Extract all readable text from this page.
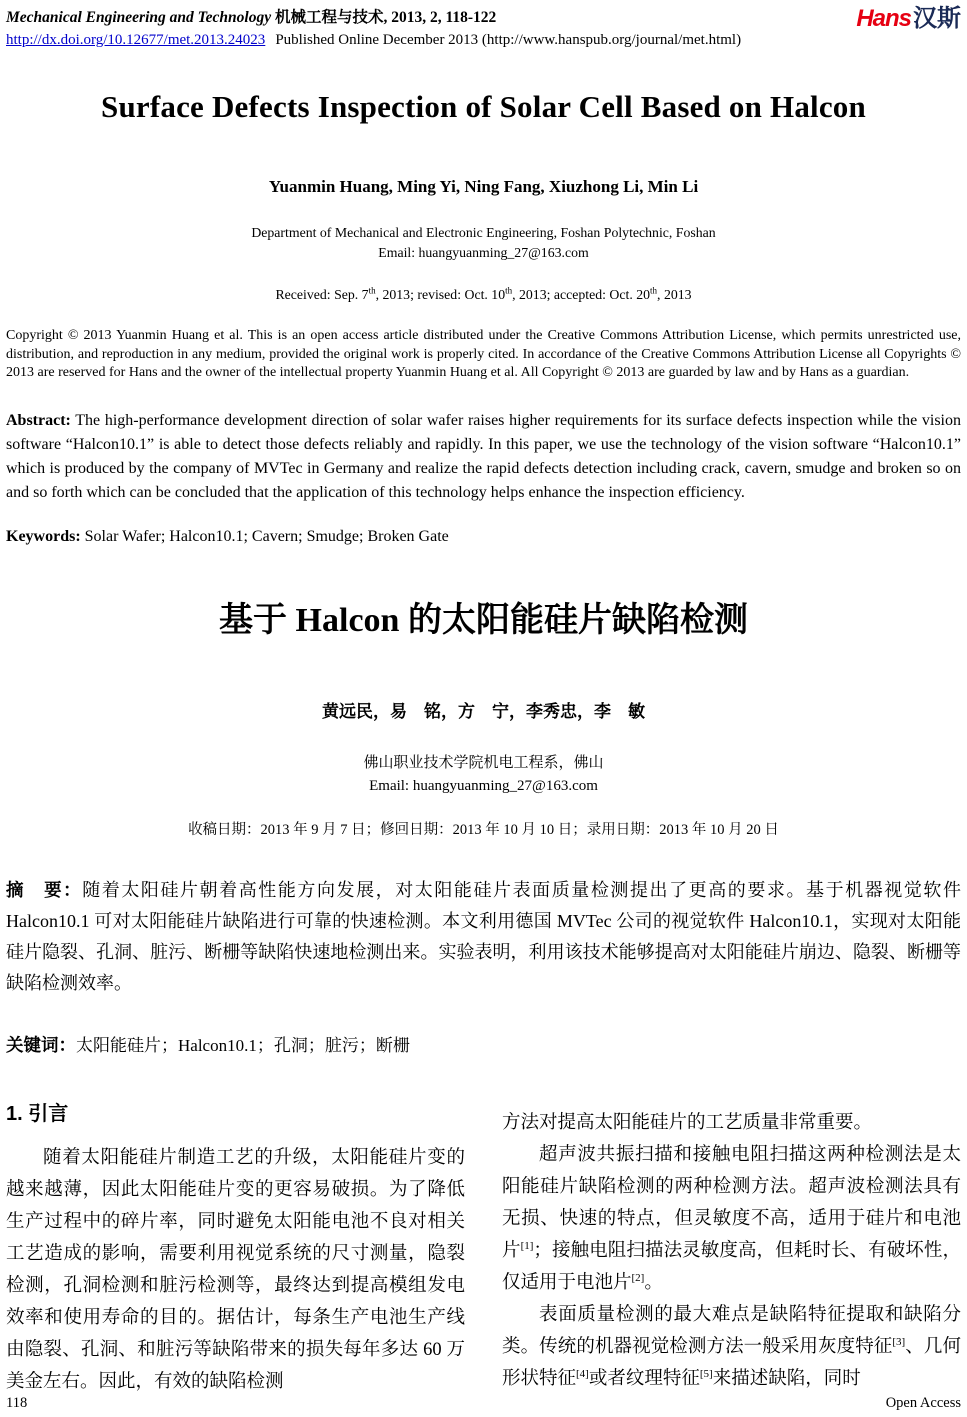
Mechanical Engineering and Technology 机械工程与技术, 2013, 2, 118-122
http://dx.doi.org/10.12677/met.2013.24023 Published Online December 2013 (http://www.hanspub.org/journal/met.html)
Hans汉斯
Surface Defects Inspection of Solar Cell Based on Halcon
Yuanmin Huang, Ming Yi, Ning Fang, Xiuzhong Li, Min Li
Department of Mechanical and Electronic Engineering, Foshan Polytechnic, Foshan
Email: huangyuanming_27@163.com
Received: Sep. 7th, 2013; revised: Oct. 10th, 2013; accepted: Oct. 20th, 2013

Copyright © 2013 Yuanmin Huang et al. This is an open access article distributed under the Creative Commons Attribution License, which permits unrestricted use, distribution, and reproduction in any medium, provided the original work is properly cited. In accordance of the Creative Commons Attribution License all Copyrights © 2013 are reserved for Hans and the owner of the intellectual property Yuanmin Huang et al. All Copyright © 2013 are guarded by law and by Hans as a guardian.

Abstract: The high-performance development direction of solar wafer raises higher requirements for its surface defects inspection while the vision software “Halcon10.1” is able to detect those defects reliably and rapidly. In this paper, we use the technology of the vision software “Halcon10.1” which is produced by the company of MVTec in Germany and realize the rapid defects detection including crack, cavern, smudge and broken so on and so forth which can be concluded that the application of this technology helps enhance the inspection efficiency.

Keywords: Solar Wafer; Halcon10.1; Cavern; Smudge; Broken Gate

基于 Halcon 的太阳能硅片缺陷检测
黄远民，易　铭，方　宁，李秀忠，李　敏
佛山职业技术学院机电工程系，佛山
Email: huangyuanming_27@163.com
收稿日期：2013 年 9 月 7 日；修回日期：2013 年 10 月 10 日；录用日期：2013 年 10 月 20 日

摘　要：随着太阳硅片朝着高性能方向发展，对太阳能硅片表面质量检测提出了更高的要求。基于机器视觉软件 Halcon10.1 可对太阳能硅片缺陷进行可靠的快速检测。本文利用德国 MVTec 公司的视觉软件 Halcon10.1，实现对太阳能硅片隐裂、孔洞、脏污、断栅等缺陷快速地检测出来。实验表明，利用该技术能够提高对太阳能硅片崩边、隐裂、断栅等缺陷检测效率。

关键词：太阳能硅片；Halcon10.1；孔洞；脏污；断栅

1. 引言

随着太阳能硅片制造工艺的升级，太阳能硅片变的越来越薄，因此太阳能硅片变的更容易破损。为了降低生产过程中的碎片率，同时避免太阳能电池不良对相关工艺造成的影响，需要利用视觉系统的尺寸测量，隐裂检测，孔洞检测和脏污检测等，最终达到提高模组发电效率和使用寿命的目的。据估计，每条生产电池生产线由隐裂、孔洞、和脏污等缺陷带来的损失每年多达 60 万美金左右。因此，有效的缺陷检测

方法对提高太阳能硅片的工艺质量非常重要。

超声波共振扫描和接触电阻扫描这两种检测法是太阳能硅片缺陷检测的两种检测方法。超声波检测法具有无损、快速的特点，但灵敏度不高，适用于硅片和电池片[1]；接触电阻扫描法灵敏度高，但耗时长、有破坏性，仅适用于电池片[2]。

表面质量检测的最大难点是缺陷特征提取和缺陷分类。传统的机器视觉检测方法一般采用灰度特征[3]、几何形状特征[4]或者纹理特征[5]来描述缺陷，同时

118	Open Access
